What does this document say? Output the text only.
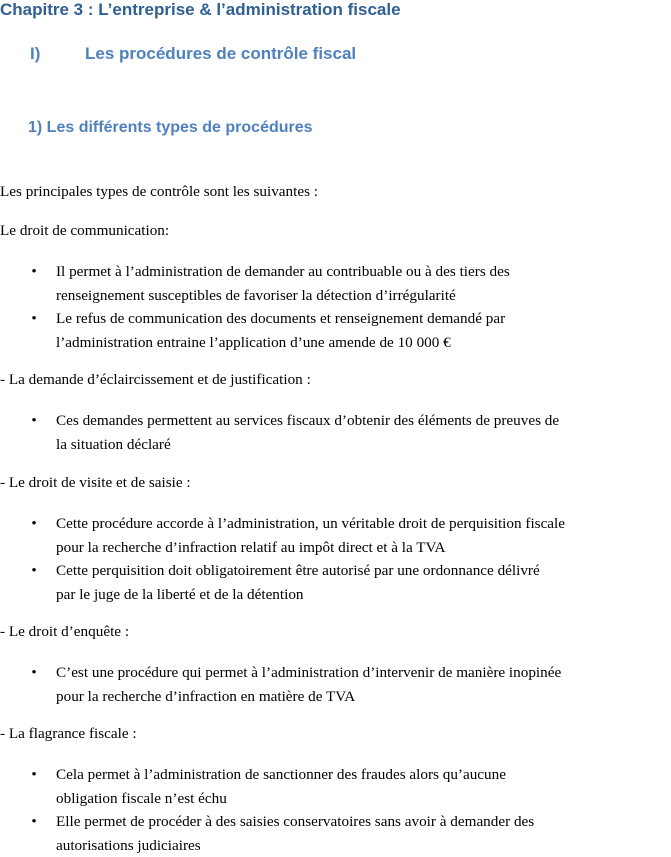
Chapitre 3 : L’entreprise & l’administration fiscale
I)	Les procédures de contrôle fiscal
1) Les différents types de procédures

Les principales types de contrôle sont les suivantes :

Le droit de communication:

• Il permet à l’administration de demander au contribuable ou à des tiers des
renseignement susceptibles de favoriser la détection d’irrégularité
• Le refus de communication des documents et renseignement demandé par
l’administration entraine l’application d’une amende de 10 000 €

- La demande d’éclaircissement et de justification :

• Ces demandes permettent au services fiscaux d’obtenir des éléments de preuves de
la situation déclaré

- Le droit de visite et de saisie :

• Cette procédure accorde à l’administration, un véritable droit de perquisition fiscale
pour la recherche d’infraction relatif au impôt direct et à la TVA
• Cette perquisition doit obligatoirement être autorisé par une ordonnance délivré
par le juge de la liberté et de la détention

- Le droit d’enquête :

• C’est une procédure qui permet à l’administration d’intervenir de manière inopinée
pour la recherche d’infraction en matière de TVA

- La flagrance fiscale :

• Cela permet à l’administration de sanctionner des fraudes alors qu’aucune
obligation fiscale n’est échu
• Elle permet de procéder à des saisies conservatoires sans avoir à demander des
autorisations judiciaires
